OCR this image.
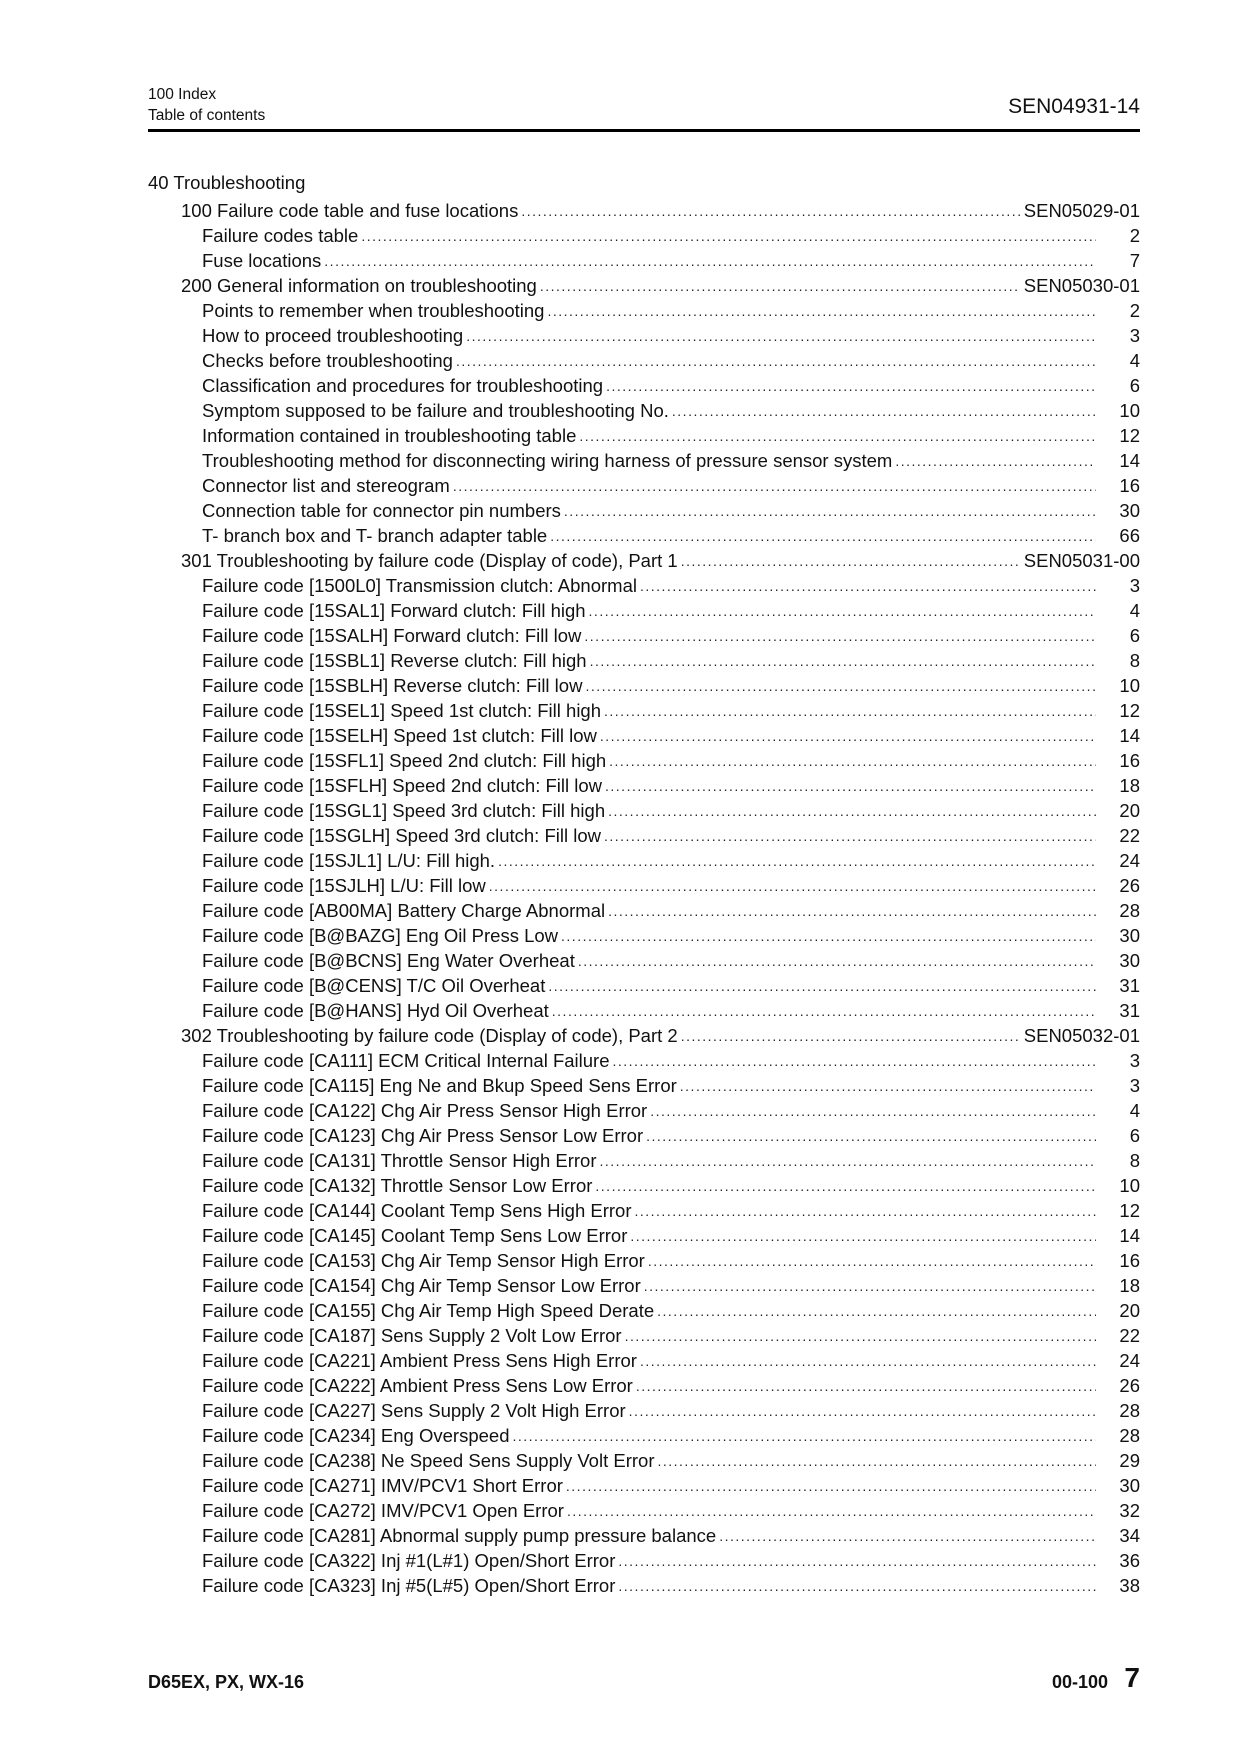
100 Index
Table of contents	SEN04931-14
40 Troubleshooting
100 Failure code table and fuse locations .....	SEN05029-01
Failure codes table .....	2
Fuse locations .....	7
200 General information on troubleshooting .....	SEN05030-01
Points to remember when troubleshooting .....	2
How to proceed troubleshooting .....	3
Checks before troubleshooting .....	4
Classification and procedures for troubleshooting .....	6
Symptom supposed to be failure and troubleshooting No. .....	10
Information contained in troubleshooting table .....	12
Troubleshooting method for disconnecting wiring harness of pressure sensor system .....	14
Connector list and stereogram .....	16
Connection table for connector pin numbers .....	30
T- branch box and T- branch adapter table .....	66
301 Troubleshooting by failure code (Display of code), Part 1 .....	SEN05031-00
Failure code [1500L0] Transmission clutch: Abnormal .....	3
Failure code [15SAL1] Forward clutch: Fill high .....	4
Failure code [15SALH] Forward clutch: Fill low .....	6
Failure code [15SBL1] Reverse clutch: Fill high .....	8
Failure code [15SBLH] Reverse clutch: Fill low .....	10
Failure code [15SEL1] Speed 1st clutch: Fill high .....	12
Failure code [15SELH] Speed 1st clutch: Fill low .....	14
Failure code [15SFL1] Speed 2nd clutch: Fill high .....	16
Failure code [15SFLH] Speed 2nd clutch: Fill low .....	18
Failure code [15SGL1] Speed 3rd clutch: Fill high .....	20
Failure code [15SGLH] Speed 3rd clutch: Fill low .....	22
Failure code [15SJL1] L/U: Fill high. .....	24
Failure code [15SJLH] L/U: Fill low .....	26
Failure code [AB00MA] Battery Charge Abnormal .....	28
Failure code [B@BAZG] Eng Oil Press Low .....	30
Failure code [B@BCNS] Eng Water Overheat .....	30
Failure code [B@CENS] T/C Oil Overheat .....	31
Failure code [B@HANS] Hyd Oil Overheat .....	31
302 Troubleshooting by failure code (Display of code), Part 2 .....	SEN05032-01
Failure code [CA111] ECM Critical Internal Failure .....	3
Failure code [CA115] Eng Ne and Bkup Speed Sens Error .....	3
Failure code [CA122] Chg Air Press Sensor High Error .....	4
Failure code [CA123] Chg Air Press Sensor Low Error .....	6
Failure code [CA131] Throttle Sensor High Error .....	8
Failure code [CA132] Throttle Sensor Low Error .....	10
Failure code [CA144] Coolant Temp Sens High Error .....	12
Failure code [CA145] Coolant Temp Sens Low Error .....	14
Failure code [CA153] Chg Air Temp Sensor High Error .....	16
Failure code [CA154] Chg Air Temp Sensor Low Error .....	18
Failure code [CA155] Chg Air Temp High Speed Derate .....	20
Failure code [CA187] Sens Supply 2 Volt Low Error .....	22
Failure code [CA221] Ambient Press Sens High Error .....	24
Failure code [CA222] Ambient Press Sens Low Error .....	26
Failure code [CA227] Sens Supply 2 Volt High Error .....	28
Failure code [CA234] Eng Overspeed .....	28
Failure code [CA238] Ne Speed Sens Supply Volt Error .....	29
Failure code [CA271] IMV/PCV1 Short Error .....	30
Failure code [CA272] IMV/PCV1 Open Error .....	32
Failure code [CA281] Abnormal supply pump pressure balance .....	34
Failure code [CA322] Inj #1(L#1) Open/Short Error .....	36
Failure code [CA323] Inj #5(L#5) Open/Short Error .....	38
D65EX, PX, WX-16	00-100 7
